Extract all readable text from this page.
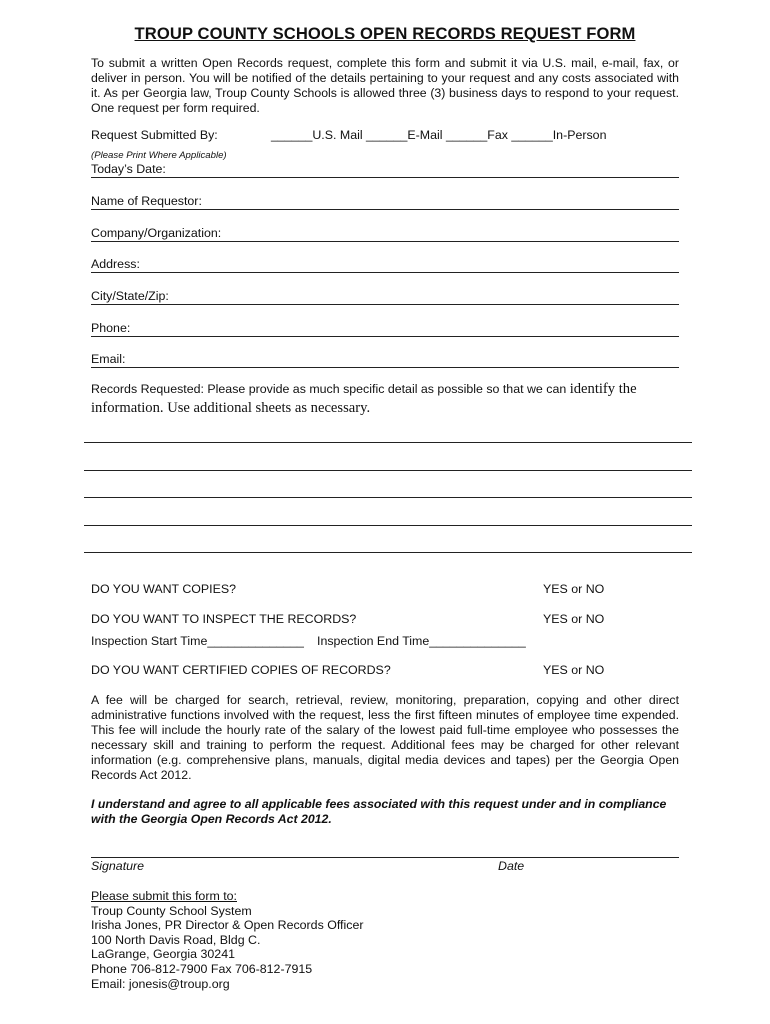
TROUP COUNTY SCHOOLS OPEN RECORDS REQUEST FORM
To submit a written Open Records request, complete this form and submit it via U.S. mail, e-mail, fax, or deliver in person. You will be notified of the details pertaining to your request and any costs associated with it. As per Georgia law, Troup County Schools is allowed three (3) business days to respond to your request. One request per form required.
Request Submitted By:	______U.S. Mail ______E-Mail ______Fax ______In-Person
(Please Print Where Applicable)
Today’s Date:
Name of Requestor:
Company/Organization:
Address:
City/State/Zip:
Phone:
Email:
Records Requested: Please provide as much specific detail as possible so that we can identify the
information. Use additional sheets as necessary.
DO YOU WANT COPIES?	YES or NO
DO YOU WANT TO INSPECT THE RECORDS?	YES or NO
Inspection Start Time______________ Inspection End Time______________
DO YOU WANT CERTIFIED COPIES OF RECORDS?	YES or NO
A fee will be charged for search, retrieval, review, monitoring, preparation, copying and other direct administrative functions involved with the request, less the first fifteen minutes of employee time expended. This fee will include the hourly rate of the salary of the lowest paid full-time employee who possesses the necessary skill and training to perform the request. Additional fees may be charged for other relevant information (e.g. comprehensive plans, manuals, digital media devices and tapes) per the Georgia Open Records Act 2012.
I understand and agree to all applicable fees associated with this request under and in compliance with the Georgia Open Records Act 2012.
Signature	Date
Please submit this form to:
Troup County School System
Irisha Jones, PR Director & Open Records Officer
100 North Davis Road, Bldg C.
LaGrange, Georgia 30241
Phone 706-812-7900 Fax 706-812-7915
Email: jonesis@troup.org
